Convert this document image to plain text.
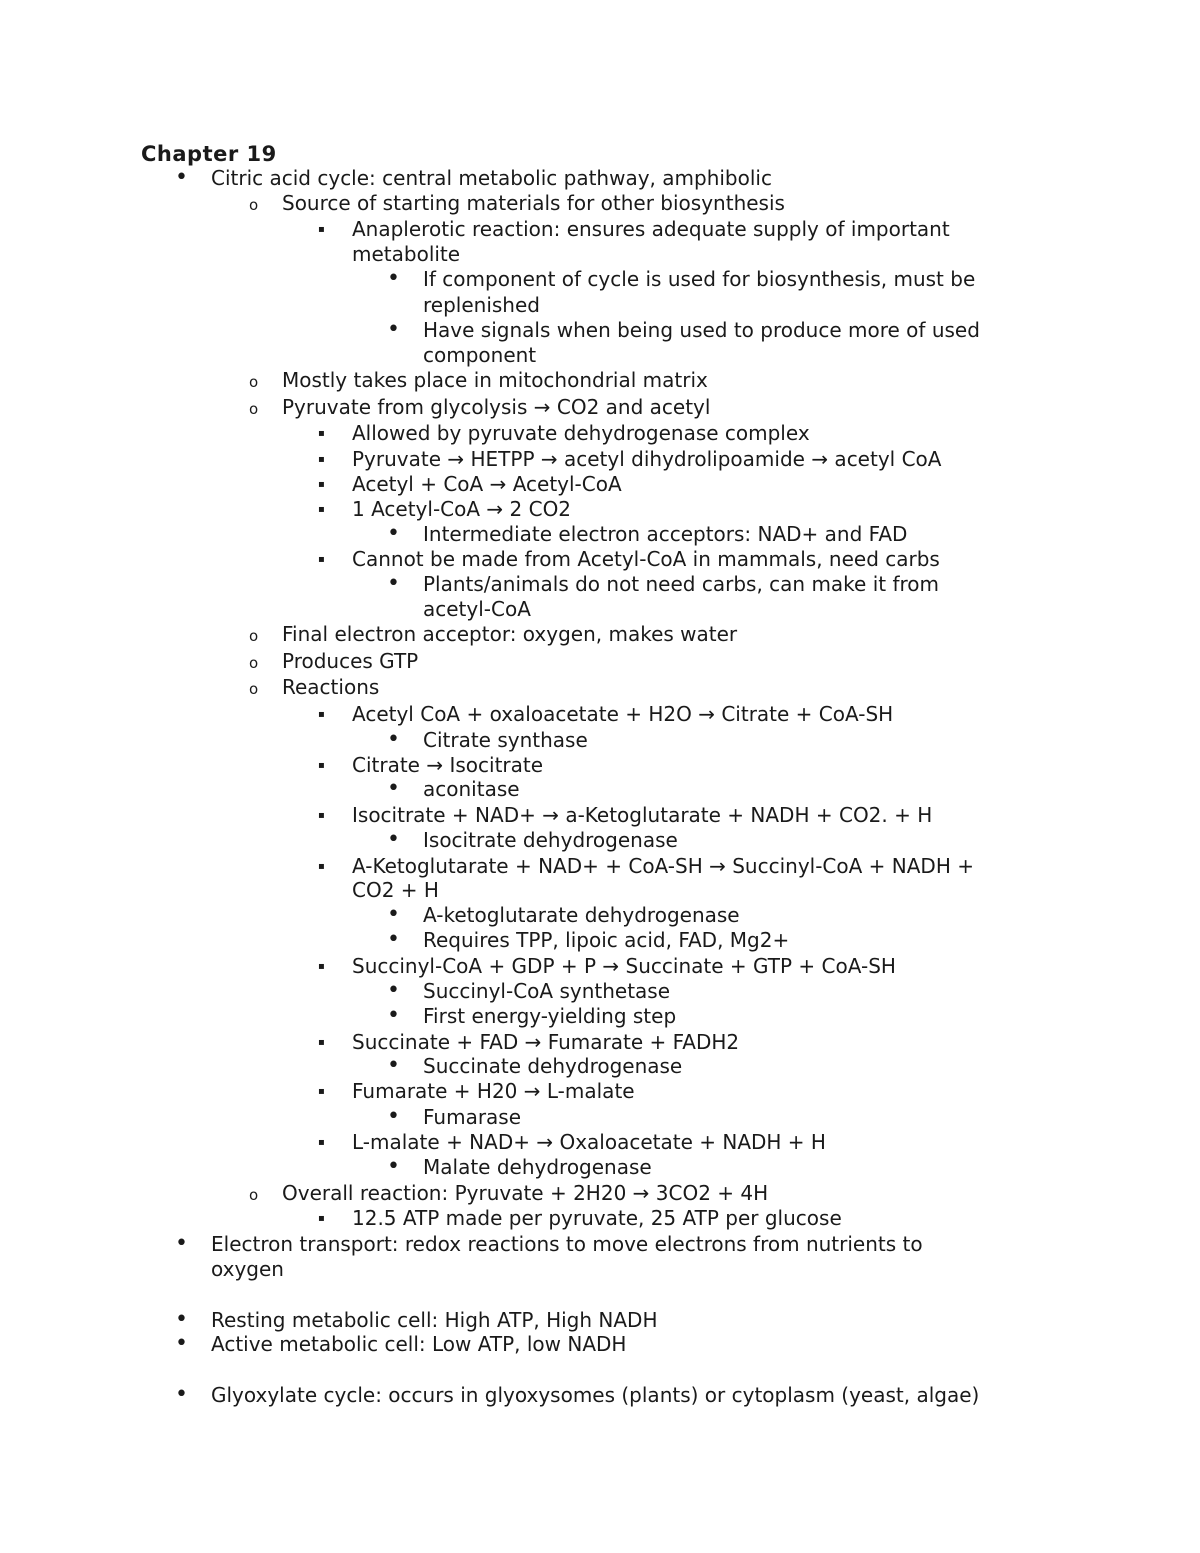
Chapter 19
• Citric acid cycle: central metabolic pathway, amphibolic
o Source of starting materials for other biosynthesis
▪ Anaplerotic reaction: ensures adequate supply of important
metabolite
• If component of cycle is used for biosynthesis, must be
replenished
• Have signals when being used to produce more of used
component
o Mostly takes place in mitochondrial matrix
o Pyruvate from glycolysis → CO2 and acetyl
▪ Allowed by pyruvate dehydrogenase complex
▪ Pyruvate → HETPP → acetyl dihydrolipoamide → acetyl CoA
▪ Acetyl + CoA → Acetyl-CoA
▪ 1 Acetyl-CoA → 2 CO2
• Intermediate electron acceptors: NAD+ and FAD
▪ Cannot be made from Acetyl-CoA in mammals, need carbs
• Plants/animals do not need carbs, can make it from
acetyl-CoA
o Final electron acceptor: oxygen, makes water
o Produces GTP
o Reactions
▪ Acetyl CoA + oxaloacetate + H2O → Citrate + CoA-SH
• Citrate synthase
▪ Citrate → Isocitrate
• aconitase
▪ Isocitrate + NAD+ → a-Ketoglutarate + NADH + CO2. + H
• Isocitrate dehydrogenase
▪ A-Ketoglutarate + NAD+ + CoA-SH → Succinyl-CoA + NADH +
CO2 + H
• A-ketoglutarate dehydrogenase
• Requires TPP, lipoic acid, FAD, Mg2+
▪ Succinyl-CoA + GDP + P → Succinate + GTP + CoA-SH
• Succinyl-CoA synthetase
• First energy-yielding step
▪ Succinate + FAD → Fumarate + FADH2
• Succinate dehydrogenase
▪ Fumarate + H20 → L-malate
• Fumarase
▪ L-malate + NAD+ → Oxaloacetate + NADH + H
• Malate dehydrogenase
o Overall reaction: Pyruvate + 2H20 → 3CO2 + 4H
▪ 12.5 ATP made per pyruvate, 25 ATP per glucose
• Electron transport: redox reactions to move electrons from nutrients to
oxygen
• Resting metabolic cell: High ATP, High NADH
• Active metabolic cell: Low ATP, low NADH
• Glyoxylate cycle: occurs in glyoxysomes (plants) or cytoplasm (yeast, algae)
